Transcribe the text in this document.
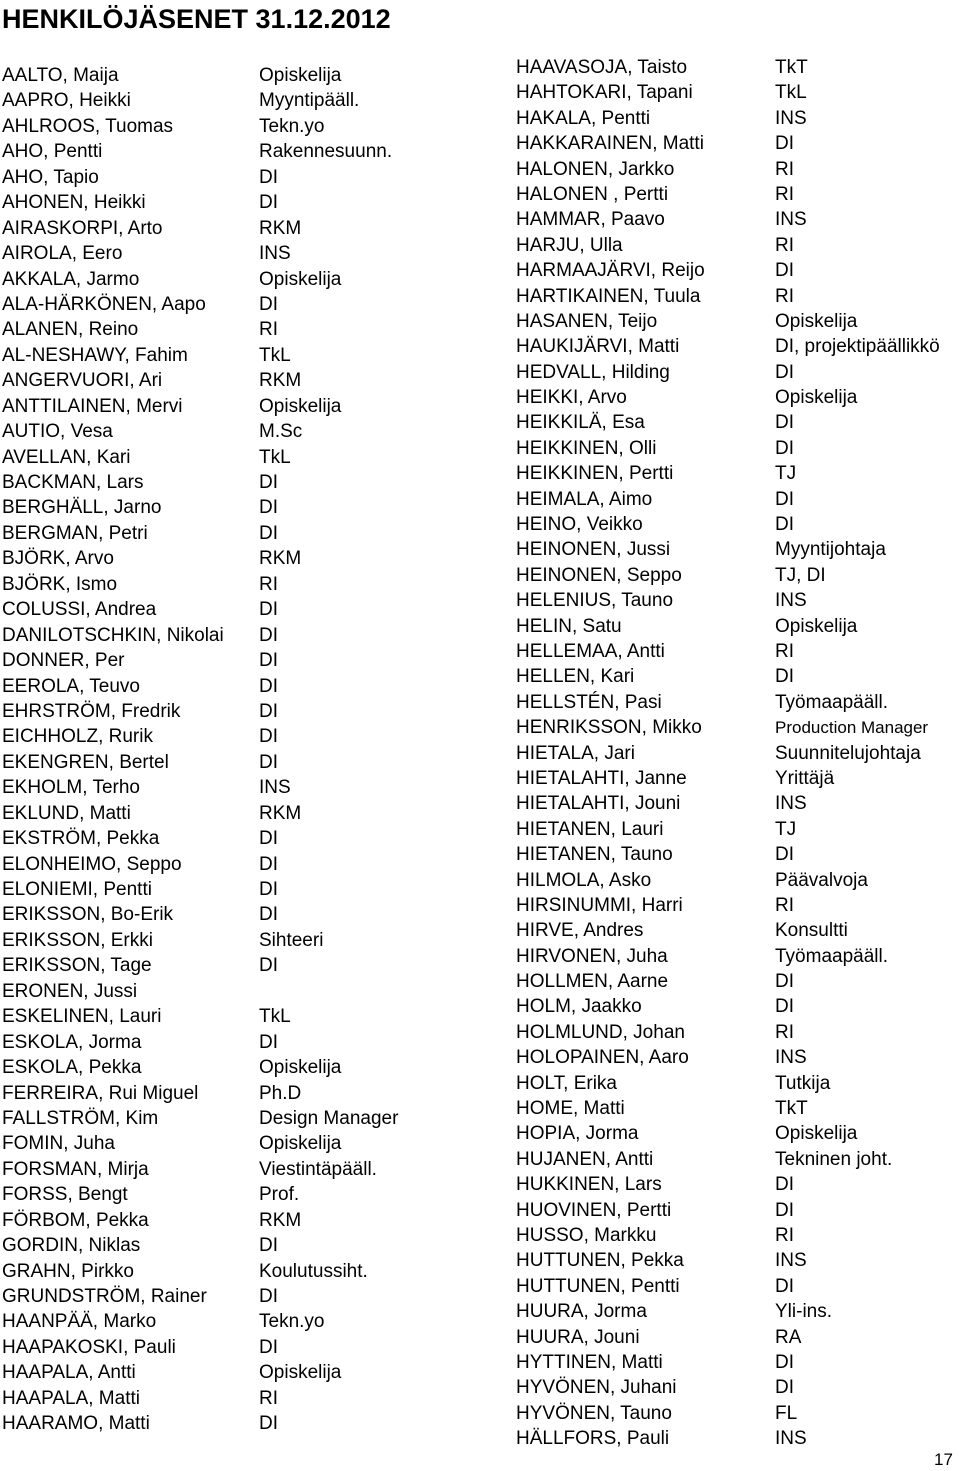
HENKILÖJÄSENET 31.12.2012
AALTO, Maija	Opiskelija
AAPRO, Heikki	Myyntipääll.
AHLROOS, Tuomas	Tekn.yo
AHO, Pentti	Rakennesuunn.
AHO, Tapio	DI
AHONEN, Heikki	DI
AIRASKORPI, Arto	RKM
AIROLA, Eero	INS
AKKALA, Jarmo	Opiskelija
ALA-HÄRKÖNEN, Aapo	DI
ALANEN, Reino	RI
AL-NESHAWY, Fahim	TkL
ANGERVUORI, Ari	RKM
ANTTILAINEN, Mervi	Opiskelija
AUTIO, Vesa	M.Sc
AVELLAN, Kari	TkL
BACKMAN, Lars	DI
BERGHÄLL, Jarno	DI
BERGMAN, Petri	DI
BJÖRK, Arvo	RKM
BJÖRK, Ismo	RI
COLUSSI, Andrea	DI
DANILOTSCHKIN, Nikolai DI
DONNER, Per	DI
EEROLA, Teuvo	DI
EHRSTRÖM, Fredrik	DI
EICHHOLZ, Rurik	DI
EKENGREN, Bertel	DI
EKHOLM, Terho	INS
EKLUND, Matti	RKM
EKSTRÖM, Pekka	DI
ELONHEIMO, Seppo	DI
ELONIEMI, Pentti	DI
ERIKSSON, Bo-Erik	DI
ERIKSSON, Erkki	Sihteeri
ERIKSSON, Tage	DI
ERONEN, Jussi
ESKELINEN, Lauri	TkL
ESKOLA, Jorma	DI
ESKOLA, Pekka	Opiskelija
FERREIRA, Rui Miguel	Ph.D
FALLSTRÖM, Kim	Design Manager
FOMIN, Juha	Opiskelija
FORSMAN, Mirja	Viestintäpääll.
FORSS, Bengt	Prof.
FÖRBOM, Pekka	RKM
GORDIN, Niklas	DI
GRAHN, Pirkko	Koulutussiht.
GRUNDSTRÖM, Rainer	DI
HAANPÄÄ, Marko	Tekn.yo
HAAPAKOSKI, Pauli	DI
HAAPALA, Antti	Opiskelija
HAAPALA, Matti	RI
HAARAMO, Matti	DI
HAAVASOJA, Taisto	TkT
HAHTOKARI, Tapani	TkL
HAKALA, Pentti	INS
HAKKARAINEN, Matti	DI
HALONEN, Jarkko	RI
HALONEN , Pertti	RI
HAMMAR, Paavo	INS
HARJU, Ulla	RI
HARMAAJÄRVI, Reijo	DI
HARTIKAINEN, Tuula	RI
HASANEN, Teijo	Opiskelija
HAUKIJÄRVI, Matti	DI, projektipäällikkö
HEDVALL, Hilding	DI
HEIKKI, Arvo	Opiskelija
HEIKKILÄ, Esa	DI
HEIKKINEN, Olli	DI
HEIKKINEN, Pertti	TJ
HEIMALA, Aimo	DI
HEINO, Veikko	DI
HEINONEN, Jussi	Myyntijohtaja
HEINONEN, Seppo	TJ, DI
HELENIUS, Tauno	INS
HELIN, Satu	Opiskelija
HELLEMAA, Antti	RI
HELLEN, Kari	DI
HELLSTÉN, Pasi	Työmaapääll.
HENRIKSSON, Mikko	Production Manager
HIETALA, Jari	Suunnitelujohtaja
HIETALAHTI, Janne	Yrittäjä
HIETALAHTI, Jouni	INS
HIETANEN, Lauri	TJ
HIETANEN, Tauno	DI
HILMOLA, Asko	Päävalvoja
HIRSINUMMI, Harri	RI
HIRVE, Andres	Konsultti
HIRVONEN, Juha	Työmaapääll.
HOLLMEN, Aarne	DI
HOLM, Jaakko	DI
HOLMLUND, Johan	RI
HOLOPAINEN, Aaro	INS
HOLT, Erika	Tutkija
HOME, Matti	TkT
HOPIA, Jorma	Opiskelija
HUJANEN, Antti	Tekninen joht.
HUKKINEN, Lars	DI
HUOVINEN, Pertti	DI
HUSSO, Markku	RI
HUTTUNEN, Pekka	INS
HUTTUNEN, Pentti	DI
HUURA, Jorma	Yli-ins.
HUURA, Jouni	RA
HYTTINEN, Matti	DI
HYVÖNEN, Juhani	DI
HYVÖNEN, Tauno	FL
HÄLLFORS, Pauli	INS
17
